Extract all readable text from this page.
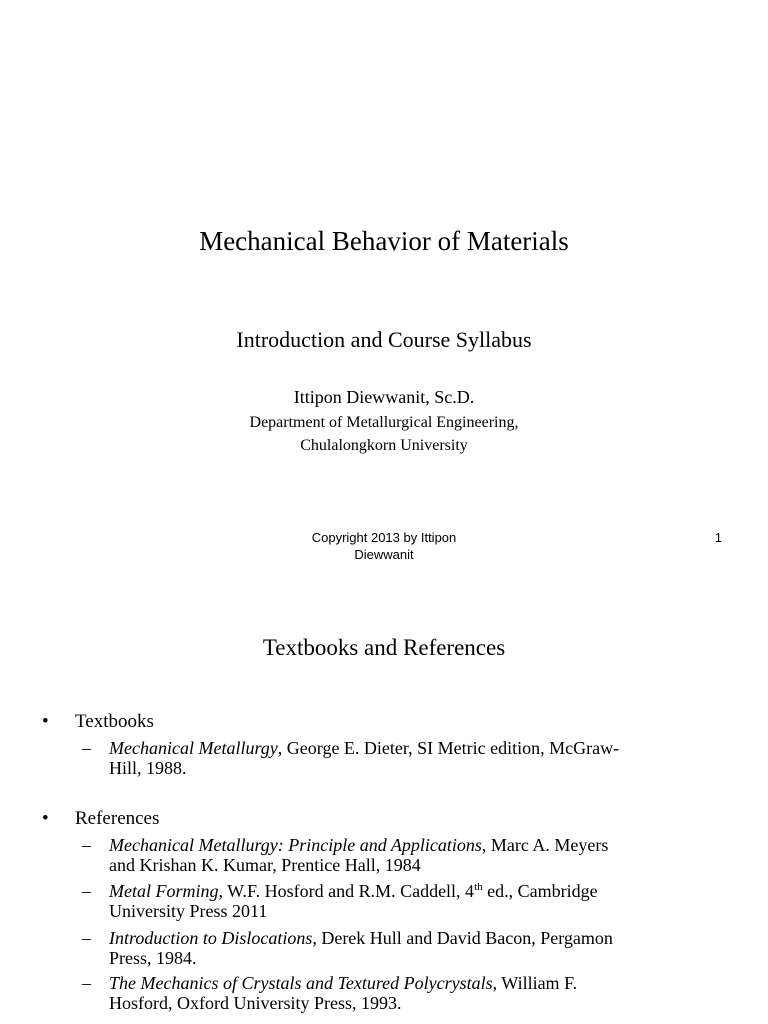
Mechanical Behavior of Materials
Introduction and Course Syllabus
Ittipon Diewwanit, Sc.D.
Department of Metallurgical Engineering,
Chulalongkorn University
Copyright 2013 by Ittipon
Diewwanit
1
Textbooks and References
• Textbooks
– Mechanical Metallurgy, George E. Dieter, SI Metric edition, McGraw-
Hill, 1988.
• References
– Mechanical Metallurgy: Principle and Applications, Marc A. Meyers
and Krishan K. Kumar, Prentice Hall, 1984
– Metal Forming, W.F. Hosford and R.M. Caddell, 4th ed., Cambridge
University Press 2011
– Introduction to Dislocations, Derek Hull and David Bacon, Pergamon
Press, 1984.
– The Mechanics of Crystals and Textured Polycrystals, William F.
Hosford, Oxford University Press, 1993.
